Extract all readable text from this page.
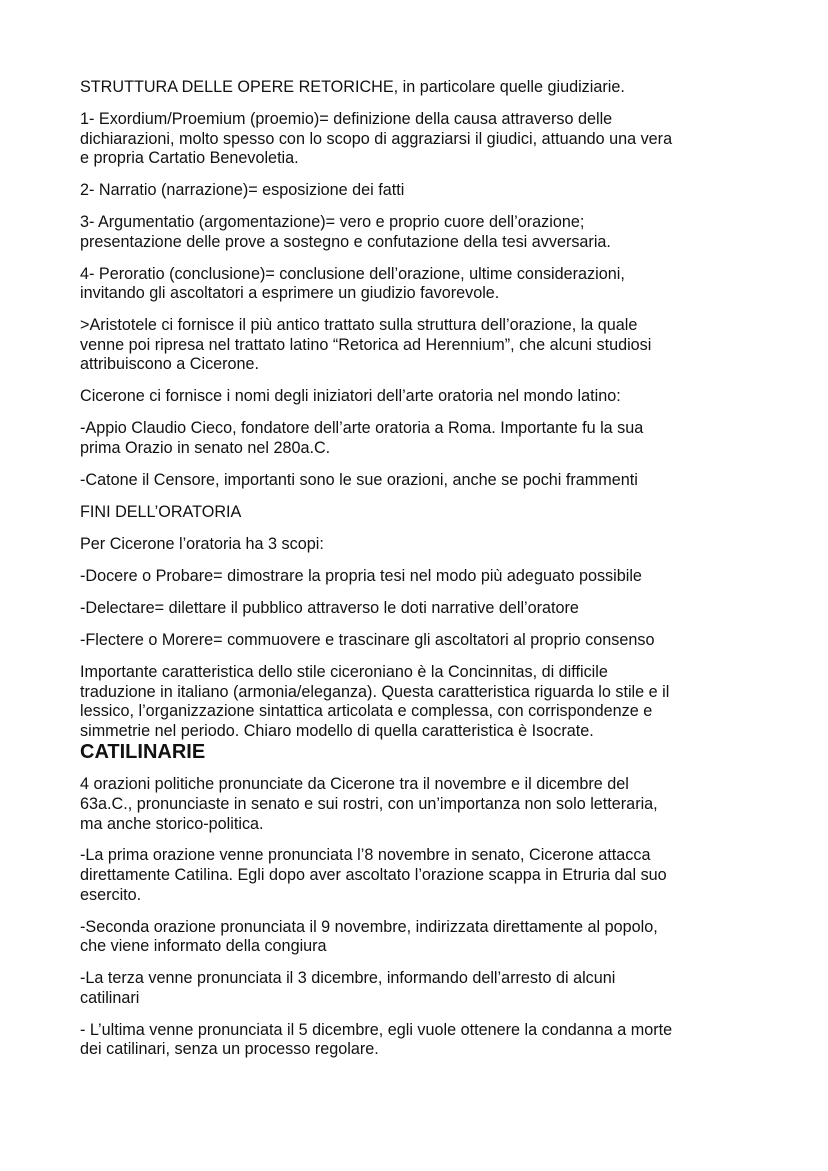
STRUTTURA DELLE OPERE RETORICHE, in particolare quelle giudiziarie.

1- Exordium/Proemium (proemio)= definizione della causa attraverso delle
dichiarazioni, molto spesso con lo scopo di aggraziarsi il giudici, attuando una vera
e propria Cartatio Benevoletia.

2- Narratio (narrazione)= esposizione dei fatti

3- Argumentatio (argomentazione)= vero e proprio cuore dell’orazione;
presentazione delle prove a sostegno e confutazione della tesi avversaria.

4- Peroratio (conclusione)= conclusione dell’orazione, ultime considerazioni,
invitando gli ascoltatori a esprimere un giudizio favorevole.

>Aristotele ci fornisce il più antico trattato sulla struttura dell’orazione, la quale
venne poi ripresa nel trattato latino “Retorica ad Herennium”, che alcuni studiosi
attribuiscono a Cicerone.

Cicerone ci fornisce i nomi degli iniziatori dell’arte oratoria nel mondo latino:

-Appio Claudio Cieco, fondatore dell’arte oratoria a Roma. Importante fu la sua
prima Orazio in senato nel 280a.C.

-Catone il Censore, importanti sono le sue orazioni, anche se pochi frammenti

FINI DELL’ORATORIA

Per Cicerone l’oratoria ha 3 scopi:

-Docere o Probare= dimostrare la propria tesi nel modo più adeguato possibile

-Delectare= dilettare il pubblico attraverso le doti narrative dell’oratore

-Flectere o Morere= commuovere e trascinare gli ascoltatori al proprio consenso

Importante caratteristica dello stile ciceroniano è la Concinnitas, di difficile
traduzione in italiano (armonia/eleganza). Questa caratteristica riguarda lo stile e il
lessico, l’organizzazione sintattica articolata e complessa, con corrispondenze e
simmetrie nel periodo. Chiaro modello di quella caratteristica è Isocrate.

CATILINARIE

4 orazioni politiche pronunciate da Cicerone tra il novembre e il dicembre del
63a.C., pronunciaste in senato e sui rostri, con un’importanza non solo letteraria,
ma anche storico-politica.

-La prima orazione venne pronunciata l’8 novembre in senato, Cicerone attacca
direttamente Catilina. Egli dopo aver ascoltato l’orazione scappa in Etruria dal suo
esercito.

-Seconda orazione pronunciata il 9 novembre, indirizzata direttamente al popolo,
che viene informato della congiura

-La terza venne pronunciata il 3 dicembre, informando dell’arresto di alcuni
catilinari

- L’ultima venne pronunciata il 5 dicembre, egli vuole ottenere la condanna a morte
dei catilinari, senza un processo regolare.
